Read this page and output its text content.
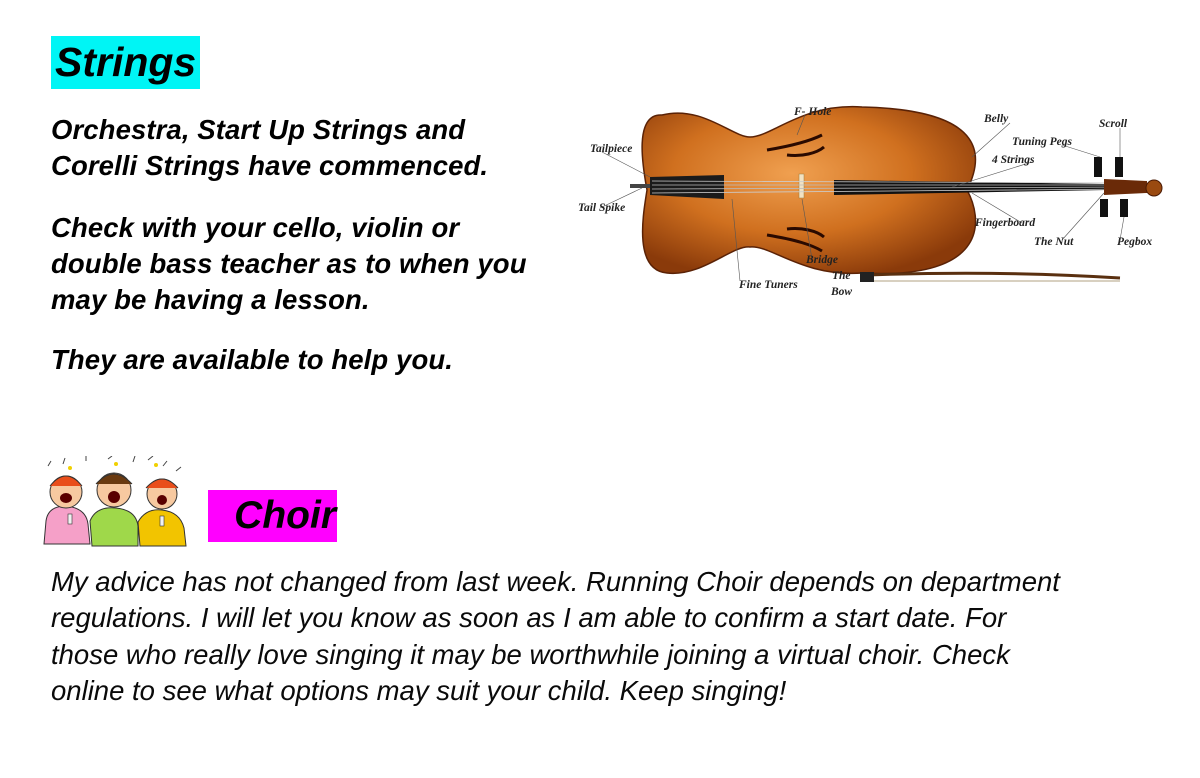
Strings

Orchestra, Start Up Strings and Corelli Strings have commenced.

Check with your cello, violin or double bass teacher as to when you may be having a lesson.

They are available to help you.

F- Hole
Belly	Scroll
Tuning Pegs
4 Strings
Tailpiece
Tail Spike
Fingerboard
The Nut	Pegbox
Bridge
Fine Tuners
The
Bow
Choir

My advice has not changed from last week. Running Choir depends on department regulations. I will let you know as soon as I am able to confirm a start date. For those who really love singing it may be worthwhile joining a virtual choir. Check online to see what options may suit your child. Keep singing!
